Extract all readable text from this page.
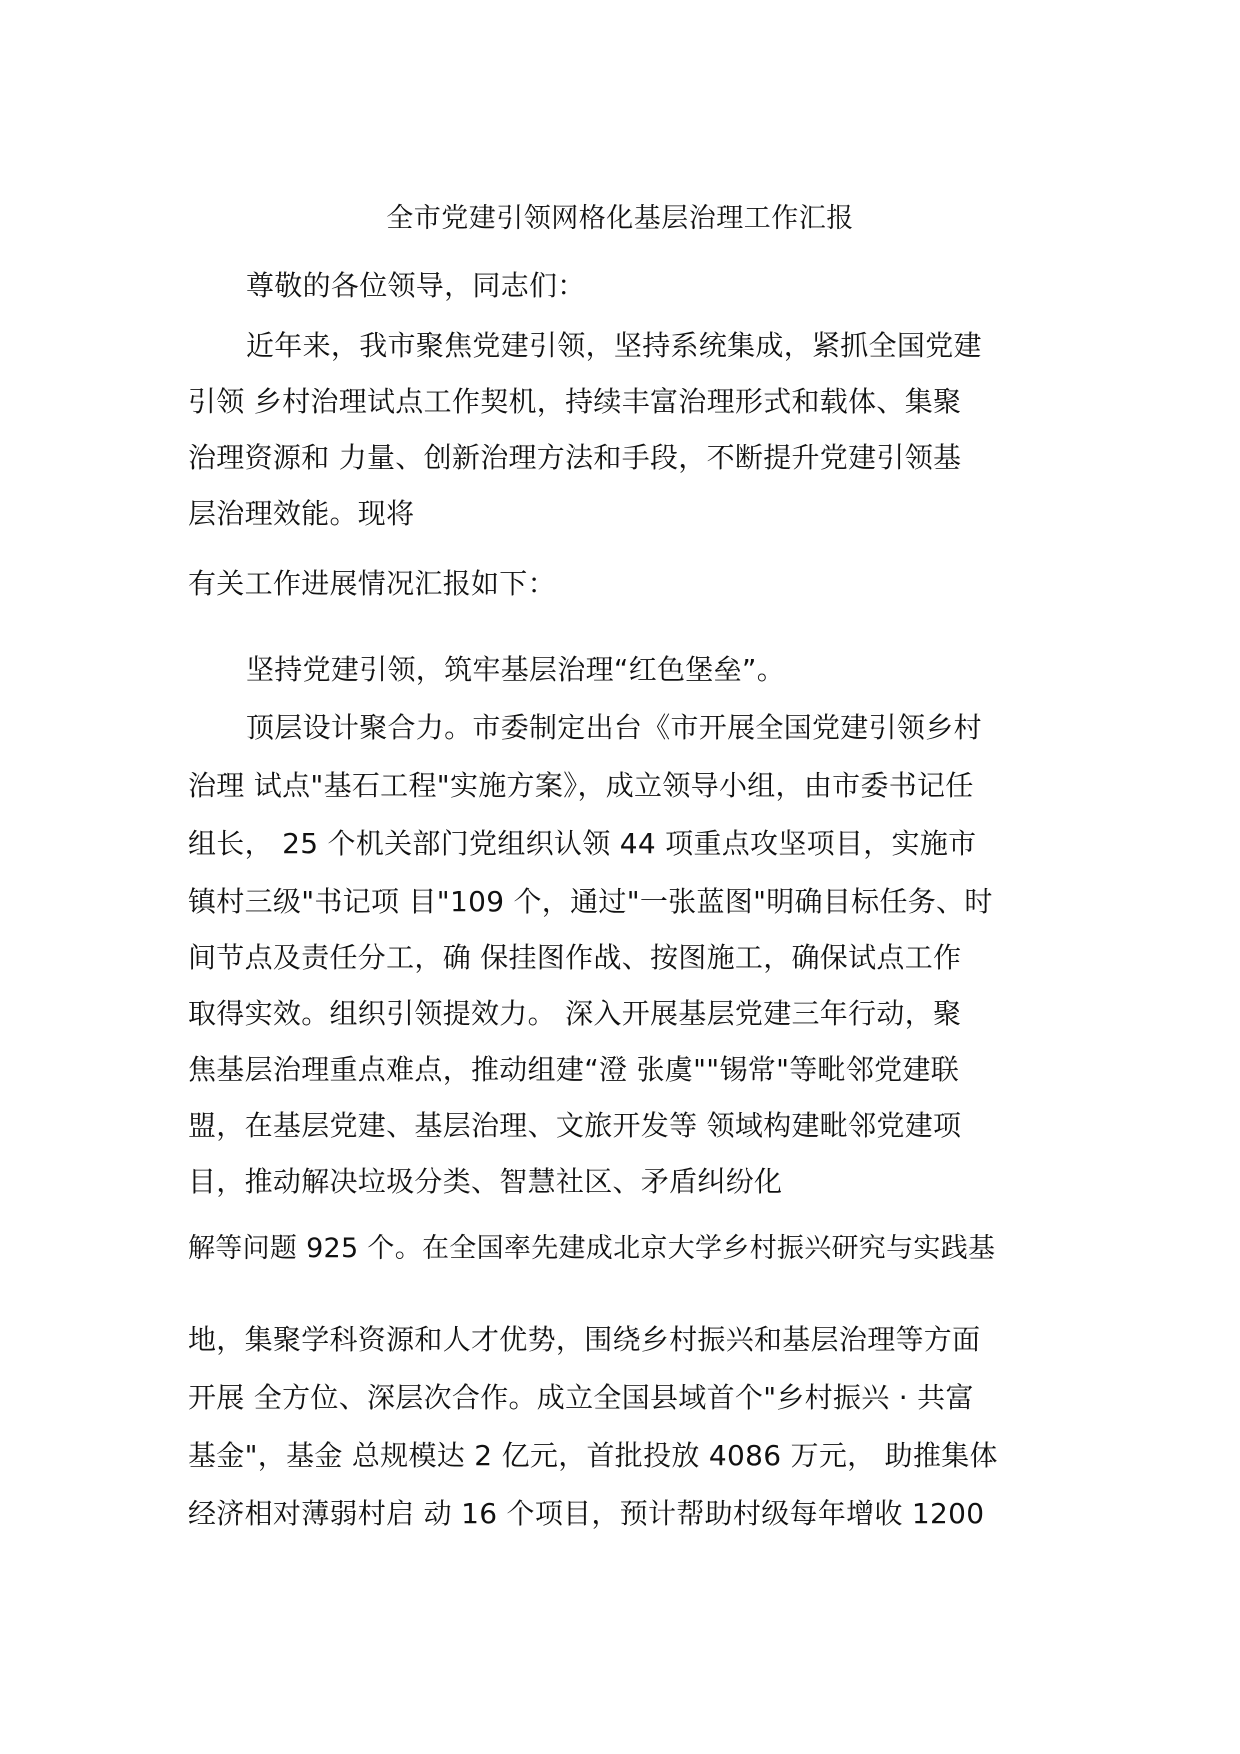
全市党建引领网格化基层治理工作汇报
尊敬的各位领导，同志们：
近年来，我市聚焦党建引领，坚持系统集成，紧抓全国党建
引领 乡村治理试点工作契机，持续丰富治理形式和载体、集聚
治理资源和 力量、创新治理方法和手段，不断提升党建引领基
层治理效能。现将
有关工作进展情况汇报如下：
坚持党建引领，筑牢基层治理“红色堡垒”。
顶层设计聚合力。市委制定出台《市开展全国党建引领乡村
治理 试点"基石工程"实施方案》，成立领导小组，由市委书记任
组长， 25 个机关部门党组织认领 44 项重点攻坚项目，实施市
镇村三级"书记项 目"109 个，通过"一张蓝图"明确目标任务、时
间节点及责任分工，确 保挂图作战、按图施工，确保试点工作
取得实效。组织引领提效力。 深入开展基层党建三年行动，聚
焦基层治理重点难点，推动组建“澄 张虞""锡常"等毗邻党建联
盟，在基层党建、基层治理、文旅开发等 领域构建毗邻党建项
目，推动解决垃圾分类、智慧社区、矛盾纠纷化
解等问题 925 个。在全国率先建成北京大学乡村振兴研究与实践基
地，集聚学科资源和人才优势，围绕乡村振兴和基层治理等方面
开展 全方位、深层次合作。成立全国县域首个"乡村振兴 · 共富
基金"，基金 总规模达 2 亿元，首批投放 4086 万元， 助推集体
经济相对薄弱村启 动 16 个项目，预计帮助村级每年增收 1200
